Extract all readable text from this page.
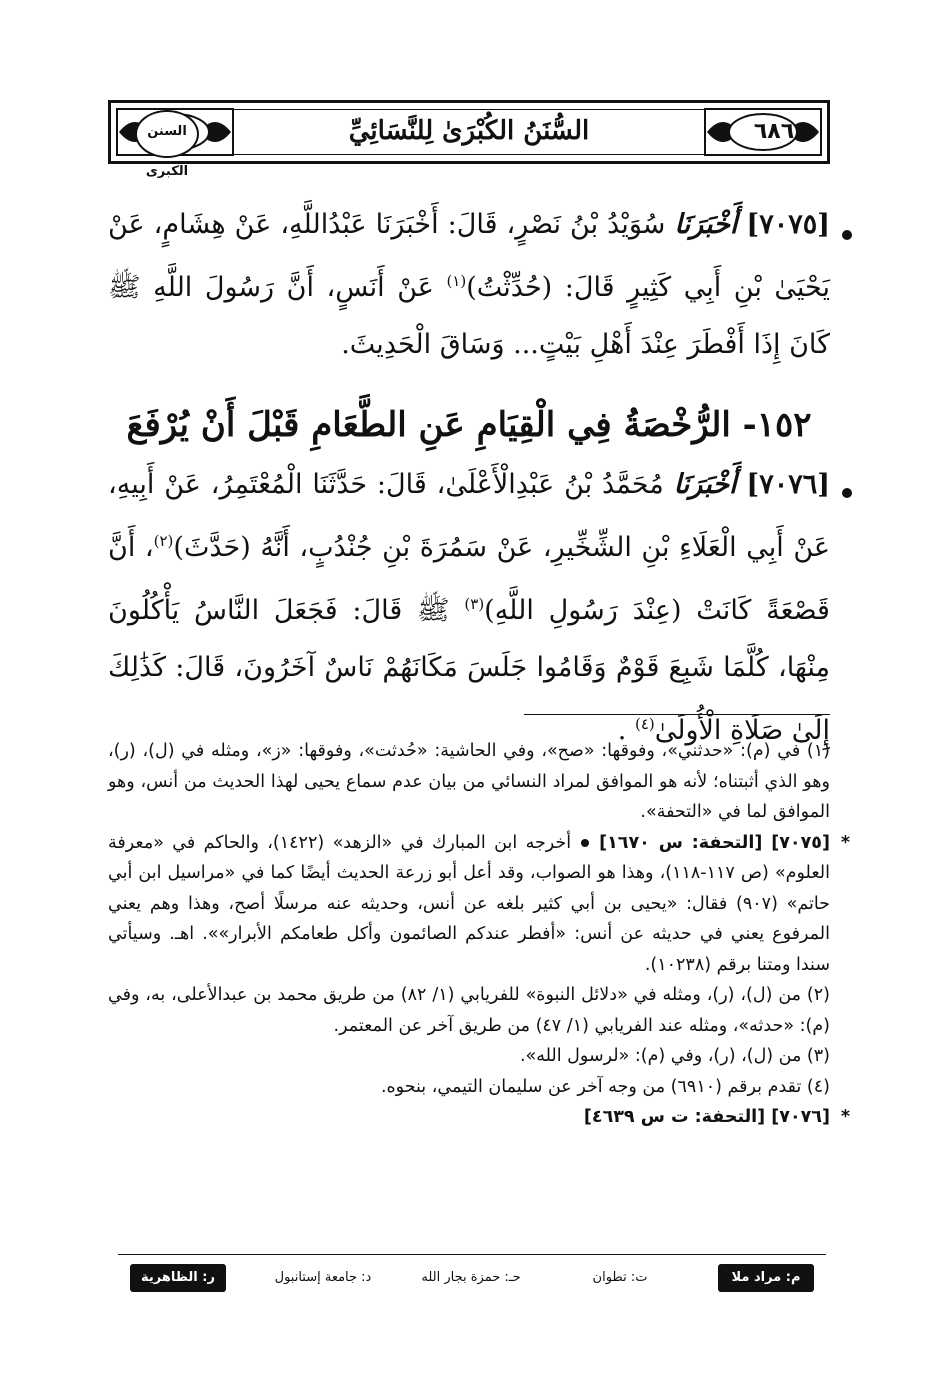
٦٨٦
السنن الكبرى
السُّنَنُ الكُبْرَىٰ لِلنَّسَائِيِّ
[٧٠٧٥] أَخْبَرَنَا سُوَيْدُ بْنُ نَصْرٍ، قَالَ: أَخْبَرَنَا عَبْدُاللَّهِ، عَنْ هِشَامٍ، عَنْ يَحْيَىٰ بْنِ أَبِي كَثِيرٍ قَالَ: (حُدِّثْتُ)$^{(١)}$ عَنْ أَنَسٍ، أَنَّ رَسُولَ اللَّهِ ﷺ كَانَ إِذَا أَفْطَرَ عِنْدَ أَهْلِ بَيْتٍ... وَسَاقَ الْحَدِيثَ.
١٥٢- الرُّخْصَةُ فِي الْقِيَامِ عَنِ الطَّعَامِ قَبْلَ أَنْ يُرْفَعَ
[٧٠٧٦] أَخْبَرَنَا مُحَمَّدُ بْنُ عَبْدِالْأَعْلَىٰ، قَالَ: حَدَّثَنَا الْمُعْتَمِرُ، عَنْ أَبِيهِ، عَنْ أَبِي الْعَلَاءِ بْنِ الشِّخِّيرِ، عَنْ سَمُرَةَ بْنِ جُنْدُبٍ، أَنَّهُ (حَدَّثَ)$^{(٢)}$، أَنَّ قَصْعَةً كَانَتْ (عِنْدَ رَسُولِ اللَّهِ)$^{(٣)}$ ﷺ قَالَ: فَجَعَلَ النَّاسُ يَأْكُلُونَ مِنْهَا، كُلَّمَا شَبِعَ قَوْمٌ وَقَامُوا جَلَسَ مَكَانَهُمْ نَاسٌ آخَرُونَ، قَالَ: كَذَٰلِكَ إِلَىٰ صَلَاةِ الْأُولَىٰ$^{(٤)}$ .

(١) في (م): «حدثني»، وفوقها: «صح»، وفي الحاشية: «حُدثت»، وفوقها: «ز»، ومثله في (ل)، (ر)، وهو الذي أثبتناه؛ لأنه هو الموافق لمراد النسائي من بيان عدم سماع يحيى لهذا الحديث من أنس، وهو الموافق لما في «التحفة».

*
[٧٠٧٥] [التحفة: س ١٦٧٠]أخرجه ابن المبارك في «الزهد» (١٤٢٢)، والحاكم في «معرفة العلوم» (ص ١١٧-١١٨)، وهذا هو الصواب، وقد أعل أبو زرعة الحديث أيضًا كما في «مراسيل ابن أبي حاتم» (٩٠٧) فقال: «يحيى بن أبي كثير بلغه عن أنس، وحديثه عنه مرسلًا أصح، وهذا وهم يعني المرفوع يعني في حديثه عن أنس: «أفطر عندكم الصائمون وأكل طعامكم الأبرار»». اهـ. وسيأتي سندا ومتنا برقم (١٠٢٣٨).

(٢) من (ل)، (ر)، ومثله في «دلائل النبوة» للفريابي (١/ ٨٢) من طريق محمد بن عبدالأعلى، به، وفي (م): «حدثه»، ومثله عند الفريابي (١/ ٤٧) من طريق آخر عن المعتمر.

(٣) من (ل)، (ر)، وفي (م): «لرسول الله».

(٤) تقدم برقم (٦٩١٠) من وجه آخر عن سليمان التيمي، بنحوه.

*
[٧٠٧٦] [التحفة: ت س ٤٦٣٩]

م: مراد ملا
ت: تطوان
حـ: حمزة بجار الله
د: جامعة إستانبول
ر: الظاهرية
